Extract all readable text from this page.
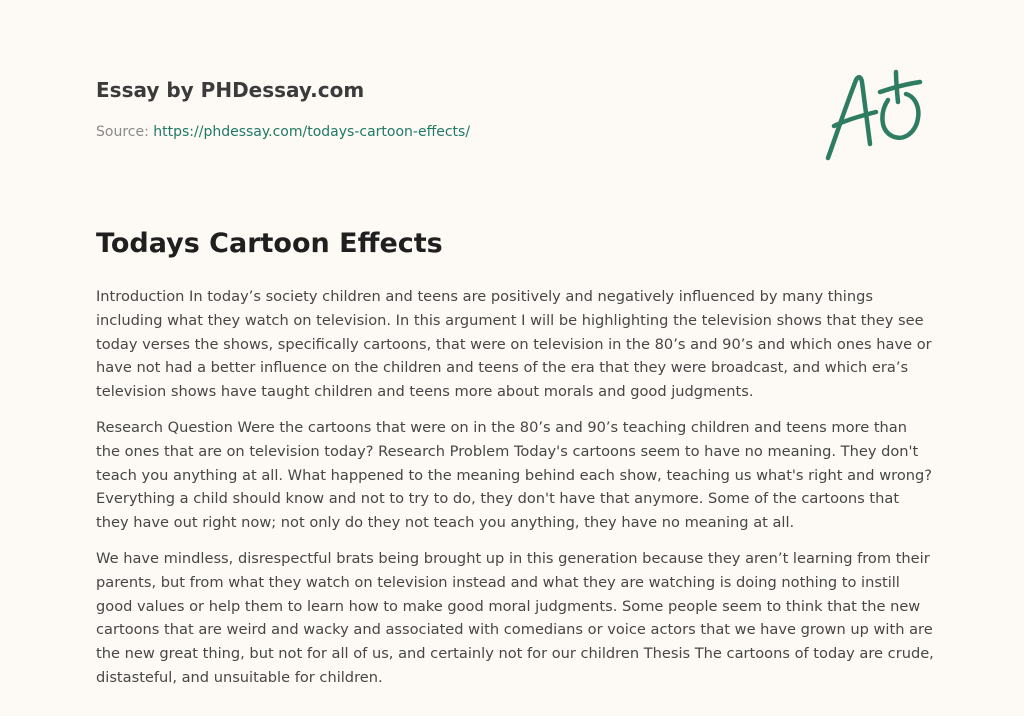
Essay by PHDessay.com
Source: https://phdessay.com/todays-cartoon-effects/
Todays Cartoon Effects

Introduction In today’s society children and teens are positively and negatively influenced by many things including what they watch on television. In this argument I will be highlighting the television shows that they see today verses the shows, specifically cartoons, that were on television in the 80’s and 90’s and which ones have or have not had a better influence on the children and teens of the era that they were broadcast, and which era’s television shows have taught children and teens more about morals and good judgments.

Research Question Were the cartoons that were on in the 80’s and 90’s teaching children and teens more than the ones that are on television today? Research Problem Today's cartoons seem to have no meaning. They don't teach you anything at all. What happened to the meaning behind each show, teaching us what's right and wrong? Everything a child should know and not to try to do, they don't have that anymore. Some of the cartoons that they have out right now; not only do they not teach you anything, they have no meaning at all.

We have mindless, disrespectful brats being brought up in this generation because they aren’t learning from their parents, but from what they watch on television instead and what they are watching is doing nothing to instill good values or help them to learn how to make good moral judgments. Some people seem to think that the new cartoons that are weird and wacky and associated with comedians or voice actors that we have grown up with are the new great thing, but not for all of us, and certainly not for our children Thesis The cartoons of today are crude, distasteful, and unsuitable for children.
